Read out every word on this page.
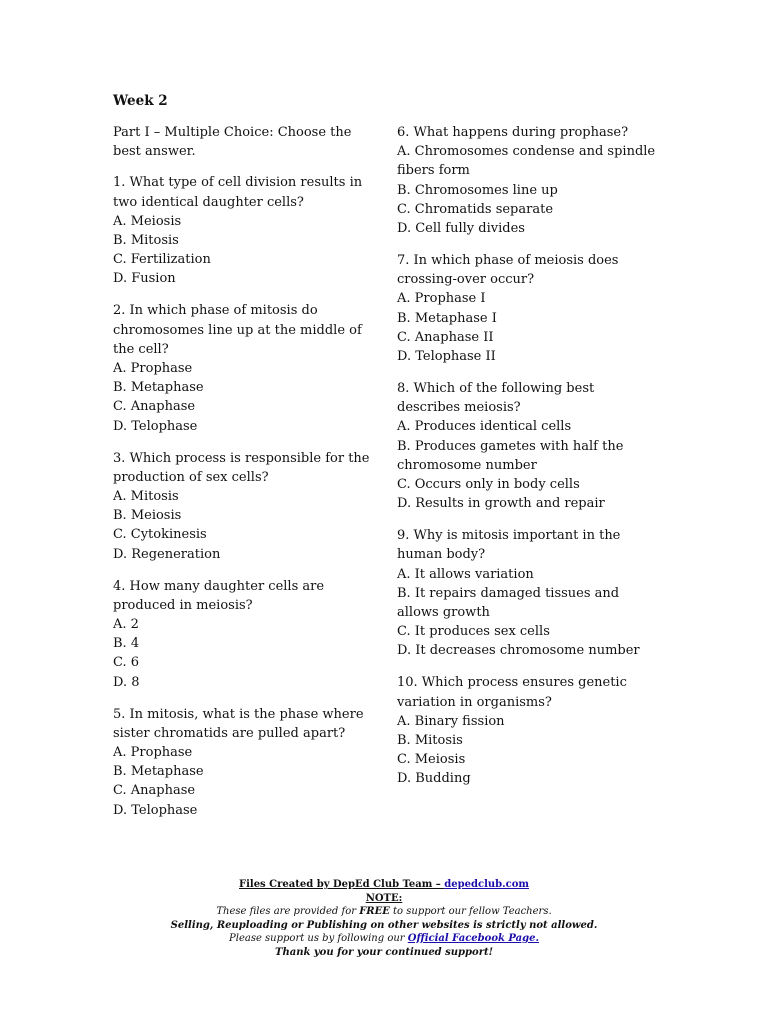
Week 2
Part I – Multiple Choice: Choose the best answer.
1. What type of cell division results in two identical daughter cells?
A. Meiosis
B. Mitosis
C. Fertilization
D. Fusion
2. In which phase of mitosis do chromosomes line up at the middle of the cell?
A. Prophase
B. Metaphase
C. Anaphase
D. Telophase
3. Which process is responsible for the production of sex cells?
A. Mitosis
B. Meiosis
C. Cytokinesis
D. Regeneration
4. How many daughter cells are produced in meiosis?
A. 2
B. 4
C. 6
D. 8
5. In mitosis, what is the phase where sister chromatids are pulled apart?
A. Prophase
B. Metaphase
C. Anaphase
D. Telophase
6. What happens during prophase?
A. Chromosomes condense and spindle fibers form
B. Chromosomes line up
C. Chromatids separate
D. Cell fully divides
7. In which phase of meiosis does crossing-over occur?
A. Prophase I
B. Metaphase I
C. Anaphase II
D. Telophase II
8. Which of the following best describes meiosis?
A. Produces identical cells
B. Produces gametes with half the chromosome number
C. Occurs only in body cells
D. Results in growth and repair
9. Why is mitosis important in the human body?
A. It allows variation
B. It repairs damaged tissues and allows growth
C. It produces sex cells
D. It decreases chromosome number
10. Which process ensures genetic variation in organisms?
A. Binary fission
B. Mitosis
C. Meiosis
D. Budding
Files Created by DepEd Club Team – depedclub.com
NOTE:
These files are provided for FREE to support our fellow Teachers.
Selling, Reuploading or Publishing on other websites is strictly not allowed.
Please support us by following our Official Facebook Page.
Thank you for your continued support!
